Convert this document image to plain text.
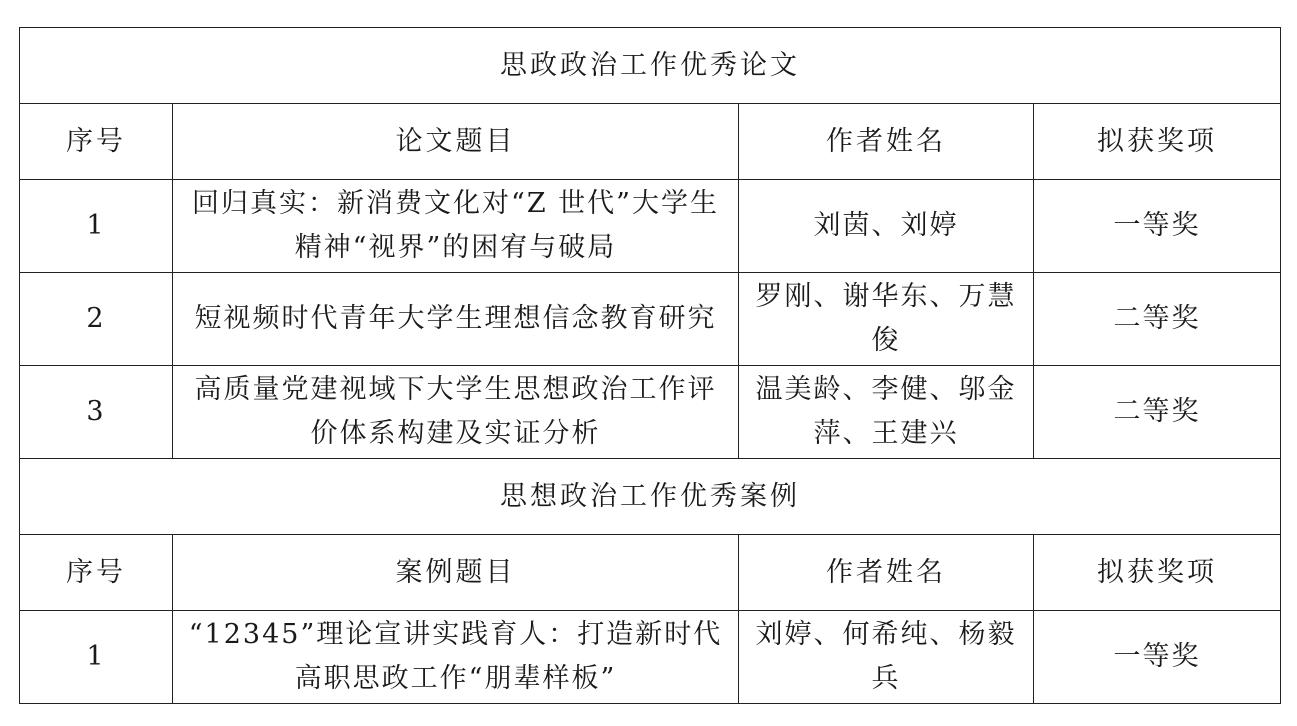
思政政治工作优秀论文			
序号	论文题目	作者姓名	拟获奖项
1	回归真实：新消费文化对“Z 世代”大学生精神“视界”的困宥与破局	刘茵、刘婷	一等奖
2	短视频时代青年大学生理想信念教育研究	罗刚、谢华东、万慧俊	二等奖
3	高质量党建视域下大学生思想政治工作评价体系构建及实证分析	温美龄、李健、邬金萍、王建兴	二等奖
思想政治工作优秀案例			
序号	案例题目	作者姓名	拟获奖项
1	“12345”理论宣讲实践育人：打造新时代高职思政工作“朋辈样板”	刘婷、何希纯、杨毅兵	一等奖
